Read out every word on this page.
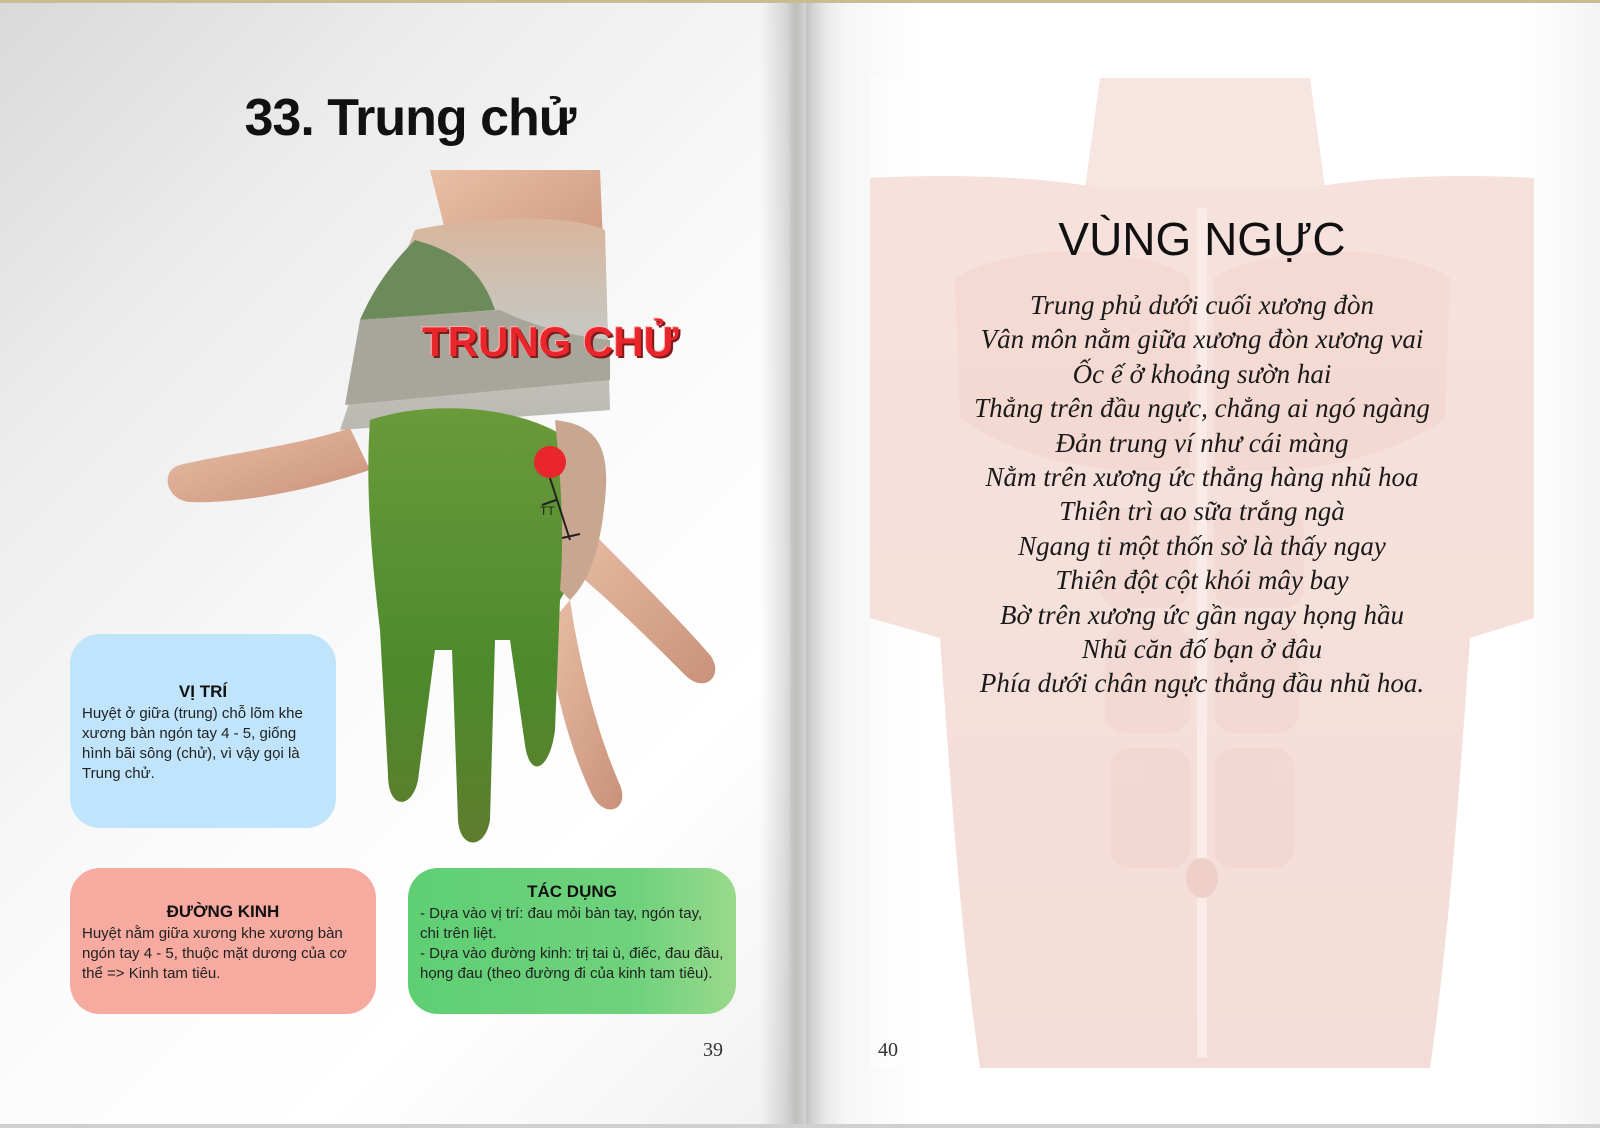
33. Trung chử
TT
TRUNG CHỬ
VỊ TRÍ
Huyệt ở giữa (trung) chỗ lõm khe xương bàn ngón tay 4 - 5, giống hình bãi sông (chử), vì vậy gọi là Trung chử.
ĐƯỜNG KINH
Huyệt nằm giữa xương khe xương bàn ngón tay 4 - 5, thuộc mặt dương của cơ thể => Kinh tam tiêu.
TÁC DỤNG
- Dựa vào vị trí: đau mỏi bàn tay, ngón tay, chi trên liệt.
- Dựa vào đường kinh: trị tai ù, điếc, đau đầu, họng đau (theo đường đi của kinh tam tiêu).
39
VÙNG NGỰC
Trung phủ dưới cuối xương đòn
Vân môn nằm giữa xương đòn xương vai
Ốc ế ở khoảng sườn hai
Thẳng trên đầu ngực, chẳng ai ngó ngàng
Đản trung ví như cái màng
Nằm trên xương ức thẳng hàng nhũ hoa
Thiên trì ao sữa trắng ngà
Ngang ti một thốn sờ là thấy ngay
Thiên đột cột khói mây bay
Bờ trên xương ức gần ngay họng hầu
Nhũ căn đố bạn ở đâu
Phía dưới chân ngực thẳng đầu nhũ hoa.
40
